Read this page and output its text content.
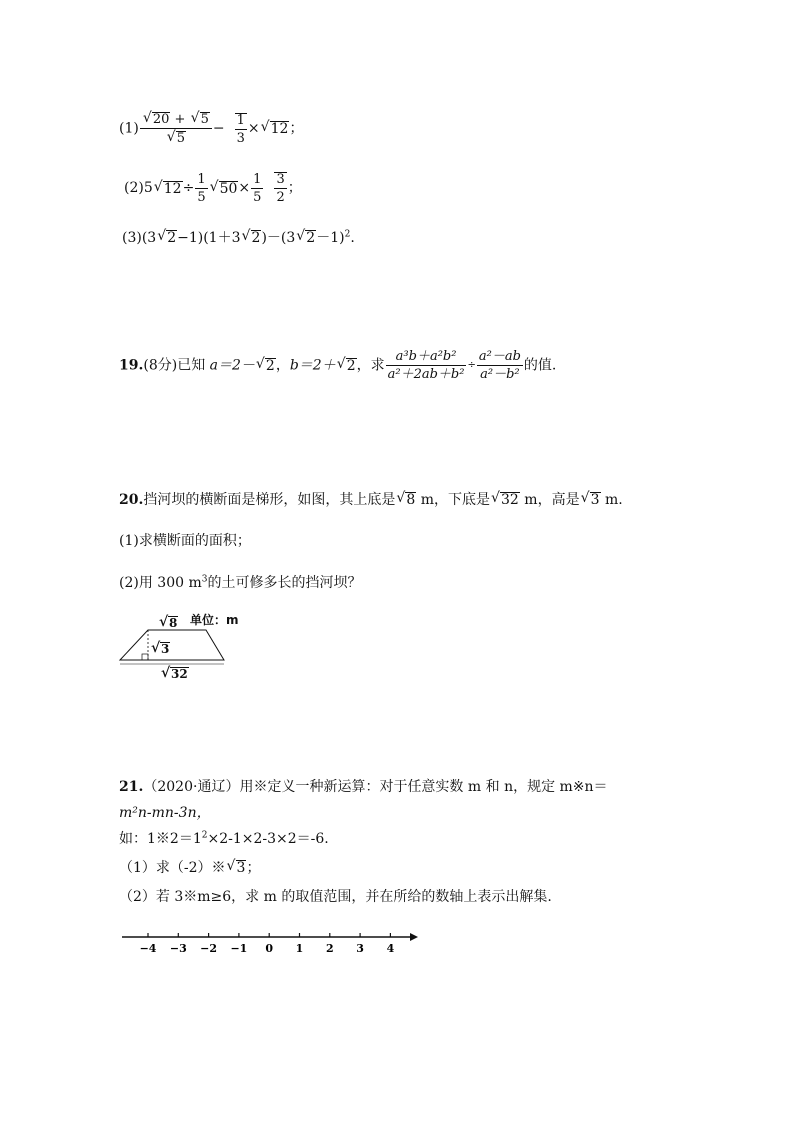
(1) √ 20 + √ 5
√ $5 - \frac{1}{3}$ × √ 12；
(2)5 √ $12\div \frac{1}{5}$ √ $50\times \frac{1}{5} \frac{3}{2}$ ；
(3)(3 √ 2−1)(1＋3 √ 2)－(3 √ 2－1)$^2$.
19.(8分)已知 a＝2－ √ 2，b＝2＋ √ 2，求 $\frac{\text{a³b＋a²b²}}{\text{a²＋2ab＋b²}} \div \frac{\text{a²－ab}}{\text{a²－b²}}$ 的值.
20.挡河坝的横断面是梯形，如图，其上底是 √ 8 m，下底是 √ 32 m，高是 √ 3 m.
(1)求横断面的面积；
(2)用 300 $m^3$的土可修多长的挡河坝？
√ 8 单位：m
√ 3
√ 32
21.（2020·通辽）用※定义一种新运算：对于任意实数 m 和 n，规定 m※n＝
m²n-mn-3n，
如：$1※2=1^2\times 2-1\times 2-3\times 2=-6$.
（1）求（-2）※ √ 3；
（2）若 3※m≥6，求 m 的取值范围，并在所给的数轴上表示出解集.
−4 −3 −2 −1 0 1 2 3 4
